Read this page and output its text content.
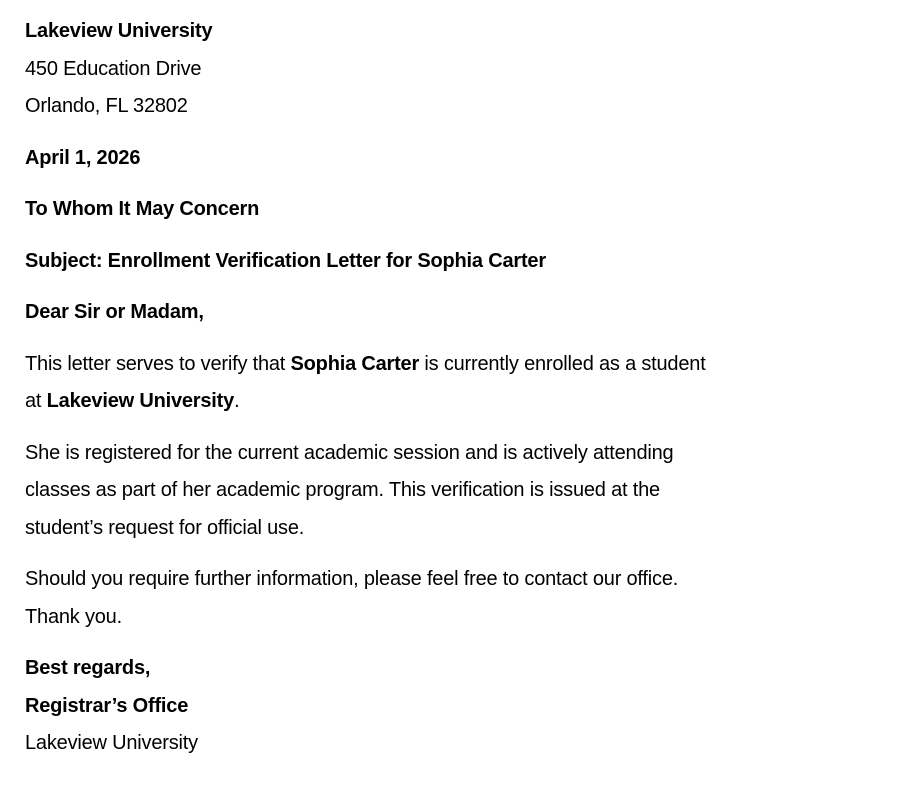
Lakeview University
450 Education Drive
Orlando, FL 32802
April 1, 2026
To Whom It May Concern
Subject: Enrollment Verification Letter for Sophia Carter
Dear Sir or Madam,
This letter serves to verify that Sophia Carter is currently enrolled as a student
at Lakeview University.
She is registered for the current academic session and is actively attending
classes as part of her academic program. This verification is issued at the
student’s request for official use.
Should you require further information, please feel free to contact our office.
Thank you.
Best regards,
Registrar’s Office
Lakeview University
